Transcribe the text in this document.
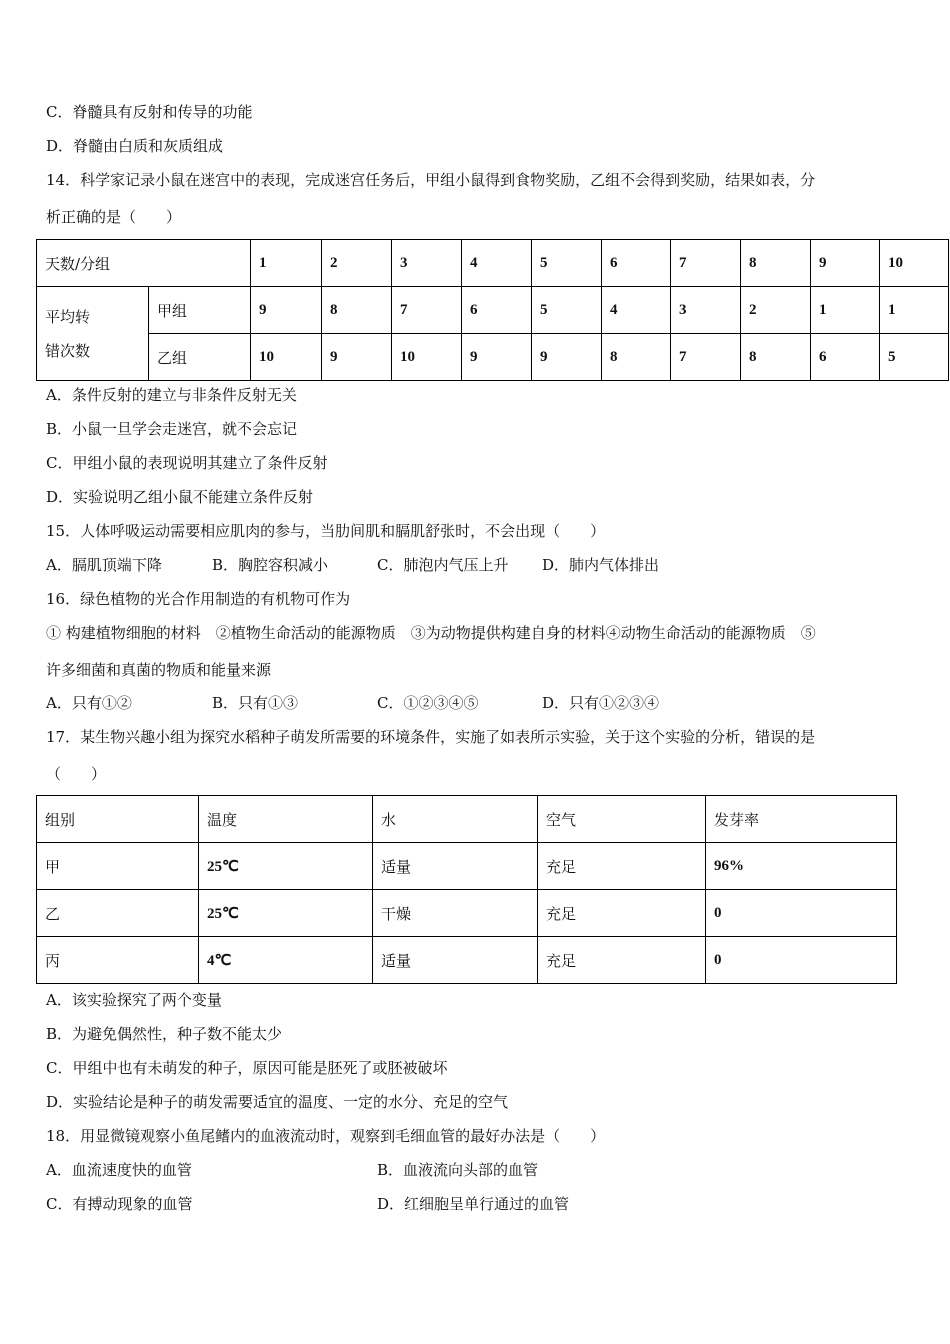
C．脊髓具有反射和传导的功能
D．脊髓由白质和灰质组成
14．科学家记录小鼠在迷宫中的表现，完成迷宫任务后，甲组小鼠得到食物奖励，乙组不会得到奖励，结果如表，分
析正确的是（　　）
天数/分组		1	2	3	4	5	6	7	8	9	10

平均转
错次数	甲组	9	8	7	6	5	4	3	2	1	1
	乙组	10	9	10	9	9	8	7	8	6	5
A．条件反射的建立与非条件反射无关
B．小鼠一旦学会走迷宫，就不会忘记
C．甲组小鼠的表现说明其建立了条件反射
D．实验说明乙组小鼠不能建立条件反射
15．人体呼吸运动需要相应肌肉的参与，当肋间肌和膈肌舒张时，不会出现（　　）
A．膈肌顶端下降	B．胸腔容积减小	C．肺泡内气压上升 D．肺内气体排出
16．绿色植物的光合作用制造的有机物可作为
① 构建植物细胞的材料　②植物生命活动的能源物质　③为动物提供构建自身的材料④动物生命活动的能源物质　⑤
许多细菌和真菌的物质和能量来源
A．只有①②	B．只有①③	C．①②③④⑤	D．只有①②③④
17．某生物兴趣小组为探究水稻种子萌发所需要的环境条件，实施了如表所示实验，关于这个实验的分析，错误的是
（　　）
组别	温度	水	空气	发芽率
甲	25℃	适量	充足	96%
乙	25℃	干燥	充足	0
丙	4℃	适量	充足	0
A．该实验探究了两个变量
B．为避免偶然性，种子数不能太少
C．甲组中也有未萌发的种子，原因可能是胚死了或胚被破坏
D．实验结论是种子的萌发需要适宜的温度、一定的水分、充足的空气
18．用显微镜观察小鱼尾鳍内的血液流动时，观察到毛细血管的最好办法是（　　）
A．血流速度快的血管	B．血液流向头部的血管
C．有搏动现象的血管	D．红细胞呈单行通过的血管
